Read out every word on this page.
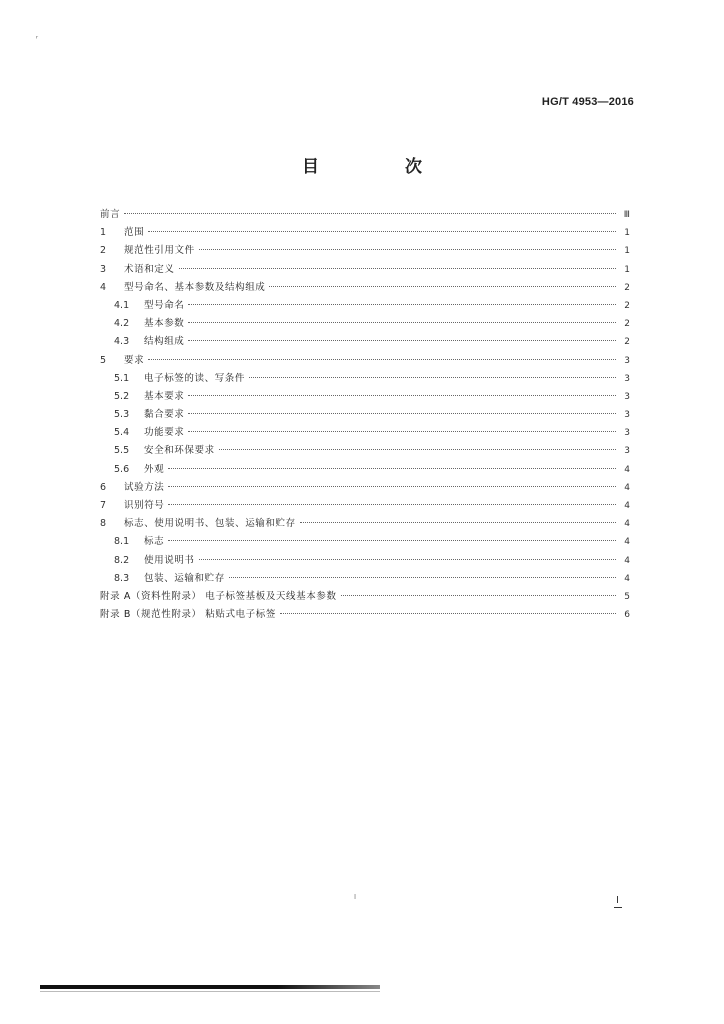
ʳ
HG/T 4953—2016
目 次
前言	Ⅲ
1	范围	1
2	规范性引用文件	1
3	术语和定义	1
4	型号命名、基本参数及结构组成	2
4.1	型号命名	2
4.2	基本参数	2
4.3	结构组成	2
5	要求	3
5.1	电子标签的读、写条件	3
5.2	基本要求	3
5.3	黏合要求	3
5.4	功能要求	3
5.5	安全和环保要求	3
5.6	外观	4
6	试验方法	4
7	识别符号	4
8	标志、使用说明书、包装、运输和贮存	4
8.1	标志	4
8.2	使用说明书	4
8.3	包装、运输和贮存	4
附录 A（资料性附录） 电子标签基板及天线基本参数	5
附录 B（规范性附录） 粘贴式电子标签	6
Ⅰ	Ⅰ
